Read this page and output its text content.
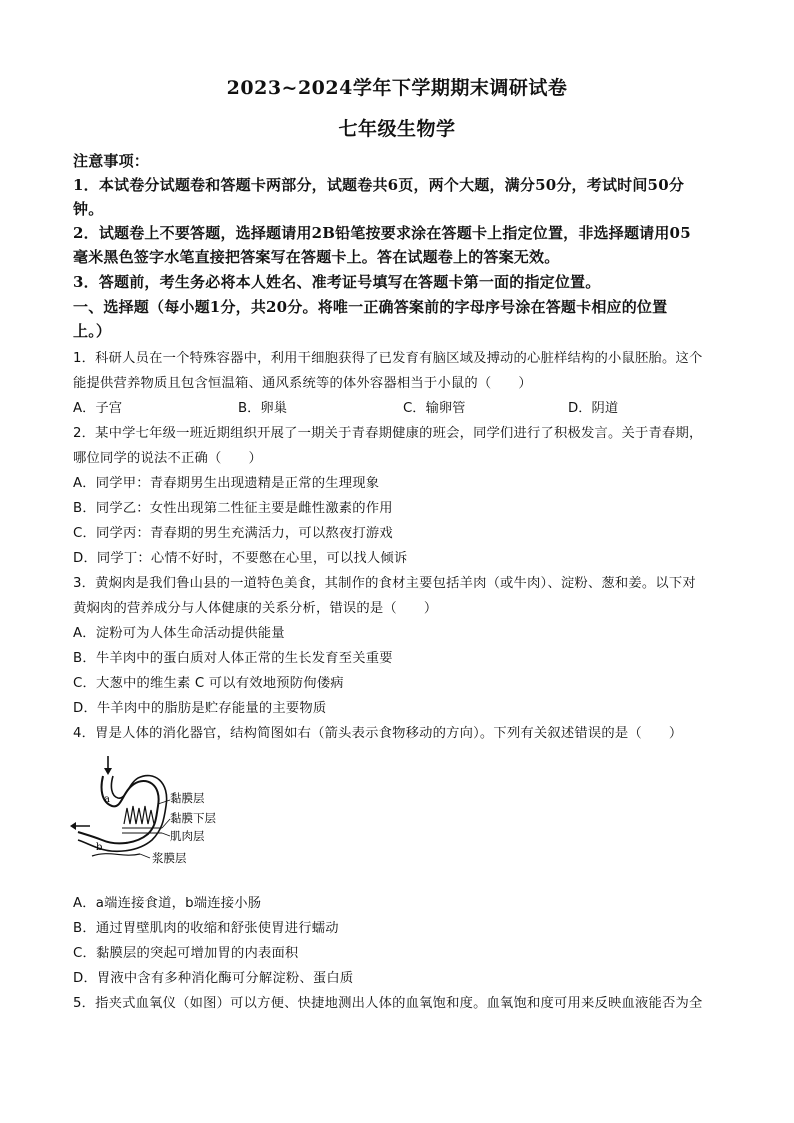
2023~2024学年下学期期末调研试卷
七年级生物学
注意事项：
1．本试卷分试题卷和答题卡两部分，试题卷共6页，两个大题，满分50分，考试时间50分
钟。
2．试题卷上不要答题，选择题请用2B铅笔按要求涂在答题卡上指定位置，非选择题请用05
毫米黑色签字水笔直接把答案写在答题卡上。答在试题卷上的答案无效。
3．答题前，考生务必将本人姓名、准考证号填写在答题卡第一面的指定位置。
一、选择题（每小题1分，共20分。将唯一正确答案前的字母序号涂在答题卡相应的位置
上。）
1．科研人员在一个特殊容器中，利用干细胞获得了已发育有脑区域及搏动的心脏样结构的小鼠胚胎。这个
能提供营养物质且包含恒温箱、通风系统等的体外容器相当于小鼠的（　　）
A．子宫	B．卵巢	C．输卵管	D．阴道
2．某中学七年级一班近期组织开展了一期关于青春期健康的班会，同学们进行了积极发言。关于青春期，
哪位同学的说法不正确（　　）
A．同学甲：青春期男生出现遗精是正常的生理现象
B．同学乙：女性出现第二性征主要是雌性激素的作用
C．同学丙：青春期的男生充满活力，可以熬夜打游戏
D．同学丁：心情不好时，不要憋在心里，可以找人倾诉
3．黄焖肉是我们鲁山县的一道特色美食，其制作的食材主要包括羊肉（或牛肉）、淀粉、葱和姜。以下对
黄焖肉的营养成分与人体健康的关系分析，错误的是（　　）
A．淀粉可为人体生命活动提供能量
B．牛羊肉中的蛋白质对人体正常的生长发育至关重要
C．大葱中的维生素 C 可以有效地预防佝偻病
D．牛羊肉中的脂肪是贮存能量的主要物质
4．胃是人体的消化器官，结构简图如右（箭头表示食物移动的方向）。下列有关叙述错误的是（　　）
a
b
黏膜层
黏膜下层
肌肉层
浆膜层
A．a端连接食道，b端连接小肠
B．通过胃壁肌肉的收缩和舒张使胃进行蠕动
C．黏膜层的突起可增加胃的内表面积
D．胃液中含有多种消化酶可分解淀粉、蛋白质
5．指夹式血氧仪（如图）可以方便、快捷地测出人体的血氧饱和度。血氧饱和度可用来反映血液能否为全
